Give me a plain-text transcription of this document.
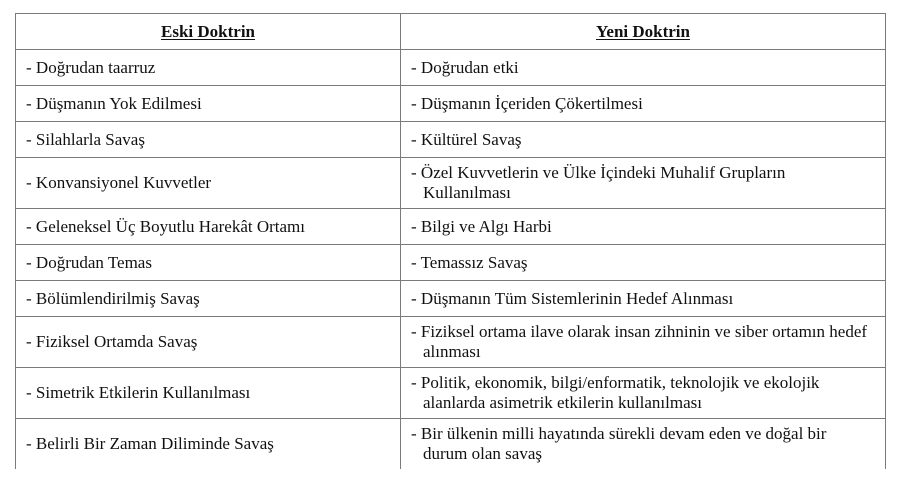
Eski Doktrin	Yeni Doktrin

- Doğrudan taarruz	- Doğrudan etki

- Düşmanın Yok Edilmesi	- Düşmanın İçeriden Çökertilmesi

- Silahlarla Savaş	- Kültürel Savaş

- Konvansiyonel Kuvvetler	- Özel Kuvvetlerin ve Ülke İçindeki Muhalif Grupların Kullanılması

- Geleneksel Üç Boyutlu Harekât Ortamı	- Bilgi ve Algı Harbi

- Doğrudan Temas	- Temassız Savaş

- Bölümlendirilmiş Savaş	- Düşmanın Tüm Sistemlerinin Hedef Alınması

- Fiziksel Ortamda Savaş	- Fiziksel ortama ilave olarak insan zihninin ve siber ortamın hedef alınması

- Simetrik Etkilerin Kullanılması	- Politik, ekonomik, bilgi/enformatik, teknolojik ve ekolojik alanlarda asimetrik etkilerin kullanılması

- Belirli Bir Zaman Diliminde Savaş	- Bir ülkenin milli hayatında sürekli devam eden ve doğal bir durum olan savaş
